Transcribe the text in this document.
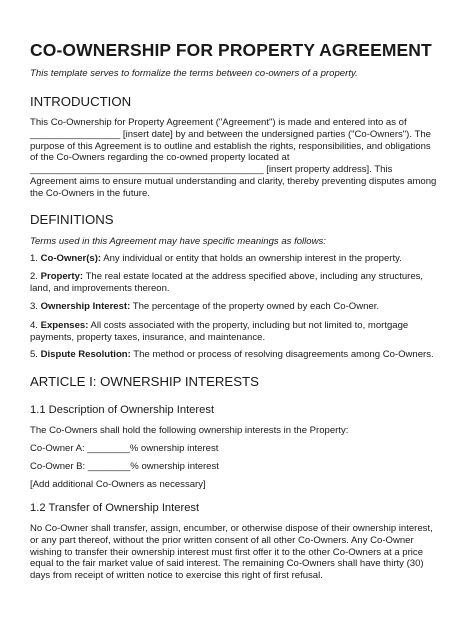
CO-OWNERSHIP FOR PROPERTY AGREEMENT

This template serves to formalize the terms between co-owners of a property.

INTRODUCTION
This Co-Ownership for Property Agreement ("Agreement") is made and entered into as of
_________________ [insert date] by and between the undersigned parties ("Co-Owners"). The
purpose of this Agreement is to outline and establish the rights, responsibilities, and obligations
of the Co-Owners regarding the co-owned property located at
____________________________________________ [insert property address]. This
Agreement aims to ensure mutual understanding and clarity, thereby preventing disputes among
the Co-Owners in the future.
DEFINITIONS

Terms used in this Agreement may have specific meanings as follows:

1. Co-Owner(s): Any individual or entity that holds an ownership interest in the property.
2. Property: The real estate located at the address specified above, including any structures,
land, and improvements thereon.
3. Ownership Interest: The percentage of the property owned by each Co-Owner.
4. Expenses: All costs associated with the property, including but not limited to, mortgage
payments, property taxes, insurance, and maintenance.
5. Dispute Resolution: The method or process of resolving disagreements among Co-Owners.
ARTICLE I: OWNERSHIP INTERESTS
1.1 Description of Ownership Interest

The Co-Owners shall hold the following ownership interests in the Property:

Co-Owner A: ________% ownership interest

Co-Owner B: ________% ownership interest

[Add additional Co-Owners as necessary]

1.2 Transfer of Ownership Interest
No Co-Owner shall transfer, assign, encumber, or otherwise dispose of their ownership interest,
or any part thereof, without the prior written consent of all other Co-Owners. Any Co-Owner
wishing to transfer their ownership interest must first offer it to the other Co-Owners at a price
equal to the fair market value of said interest. The remaining Co-Owners shall have thirty (30)
days from receipt of written notice to exercise this right of first refusal.
